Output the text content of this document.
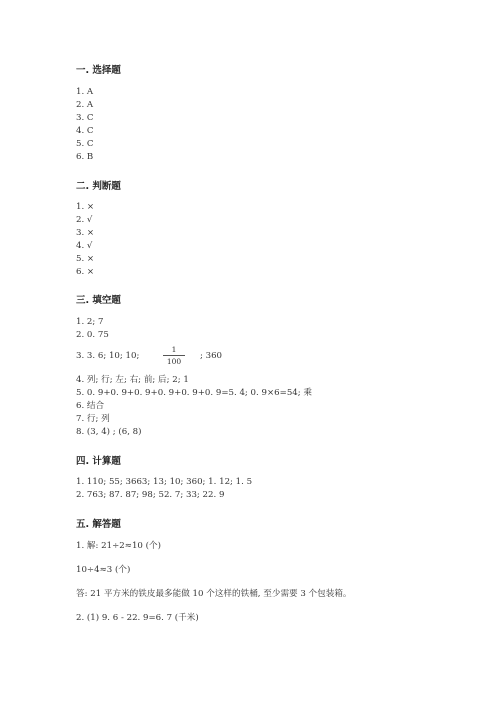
一. 选择题
1. A
2. A
3. C
4. C
5. C
6. B
二. 判断题
1. ×
2. √
3. ×
4. √
5. ×
6. ×
三. 填空题
1. 2; 7
2. 0. 75
3. 3. 6; 10; 10;
1
100
; 360
4. 列; 行; 左; 右; 前; 后; 2; 1
5. 0. 9+0. 9+0. 9+0. 9+0. 9+0. 9=5. 4; 0. 9×6=54; 乘
6. 结合
7. 行; 列
8. (3, 4) ; (6, 8)
四. 计算题
1. 110; 55; 3663; 13; 10; 360; 1. 12; 1. 5
2. 763; 87. 87; 98; 52. 7; 33; 22. 9
五. 解答题
1. 解: 21÷2≈10 (个)
10÷4≈3 (个)
答: 21 平方米的铁皮最多能做 10 个这样的铁桶, 至少需要 3 个包装箱。
2. (1) 9. 6 - 22. 9=6. 7 (千米)
